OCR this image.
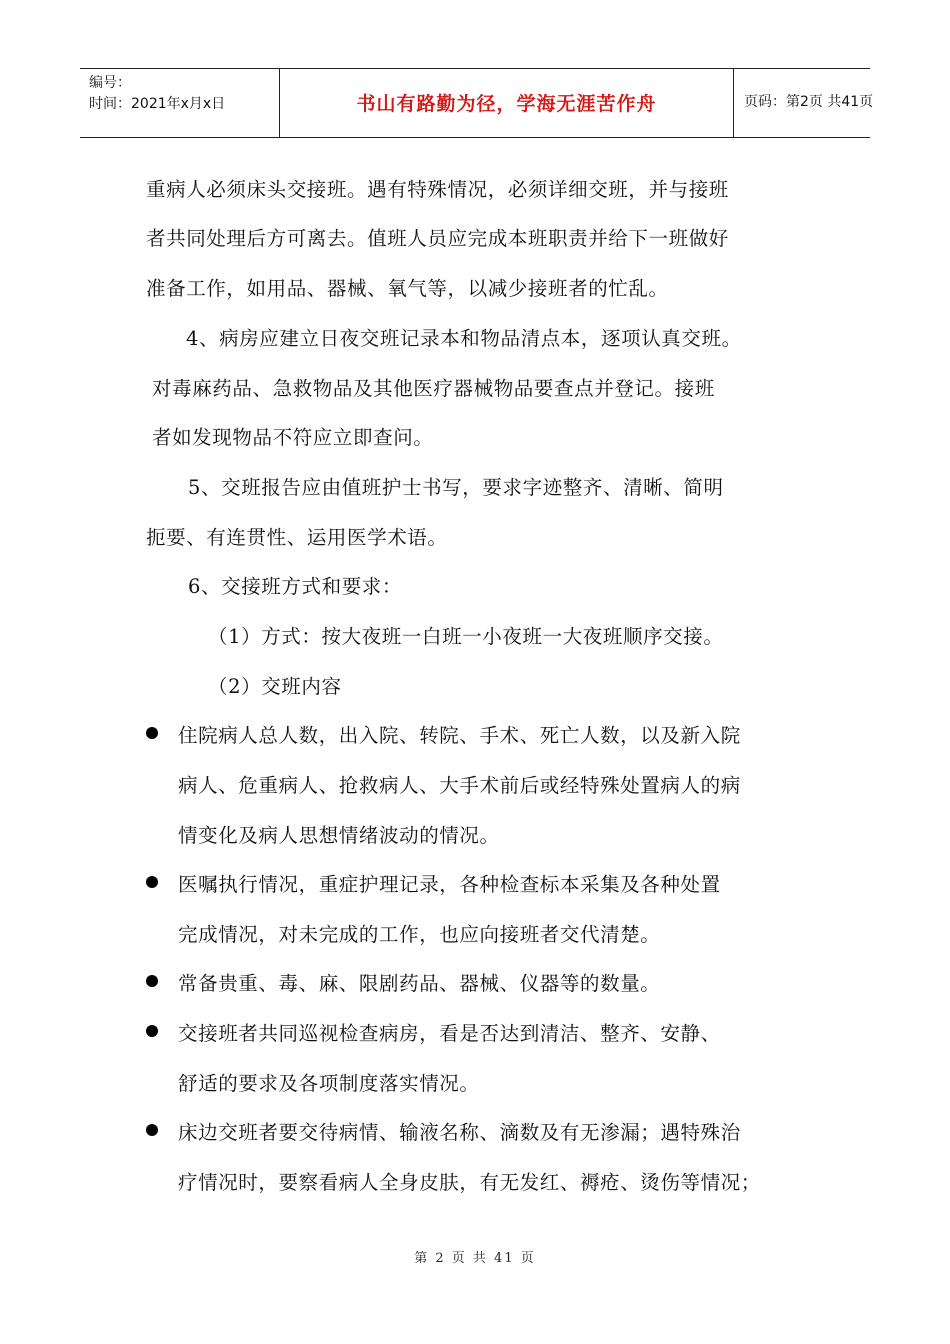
编号：
时间：2021年x月x日	书山有路勤为径，学海无涯苦作舟	页码：第2页 共41页
重病人必须床头交接班。遇有特殊情况，必须详细交班，并与接班
者共同处理后方可离去。值班人员应完成本班职责并给下一班做好
准备工作，如用品、器械、氧气等，以减少接班者的忙乱。
4、病房应建立日夜交班记录本和物品清点本，逐项认真交班。
对毒麻药品、急救物品及其他医疗器械物品要查点并登记。接班
者如发现物品不符应立即查问。
5、交班报告应由值班护士书写，要求字迹整齐、清晰、简明
扼要、有连贯性、运用医学术语。
6、交接班方式和要求：
（1）方式：按大夜班一白班一小夜班一大夜班顺序交接。
（2）交班内容
住院病人总人数，出入院、转院、手术、死亡人数，以及新入院
病人、危重病人、抢救病人、大手术前后或经特殊处置病人的病
情变化及病人思想情绪波动的情况。
医嘱执行情况，重症护理记录，各种检查标本采集及各种处置
完成情况，对未完成的工作，也应向接班者交代清楚。
常备贵重、毒、麻、限剧药品、器械、仪器等的数量。
交接班者共同巡视检查病房，看是否达到清洁、整齐、安静、
舒适的要求及各项制度落实情况。
床边交班者要交待病情、输液名称、滴数及有无渗漏；遇特殊治
疗情况时，要察看病人全身皮肤，有无发红、褥疮、烫伤等情况；
第 2 页 共 41 页
